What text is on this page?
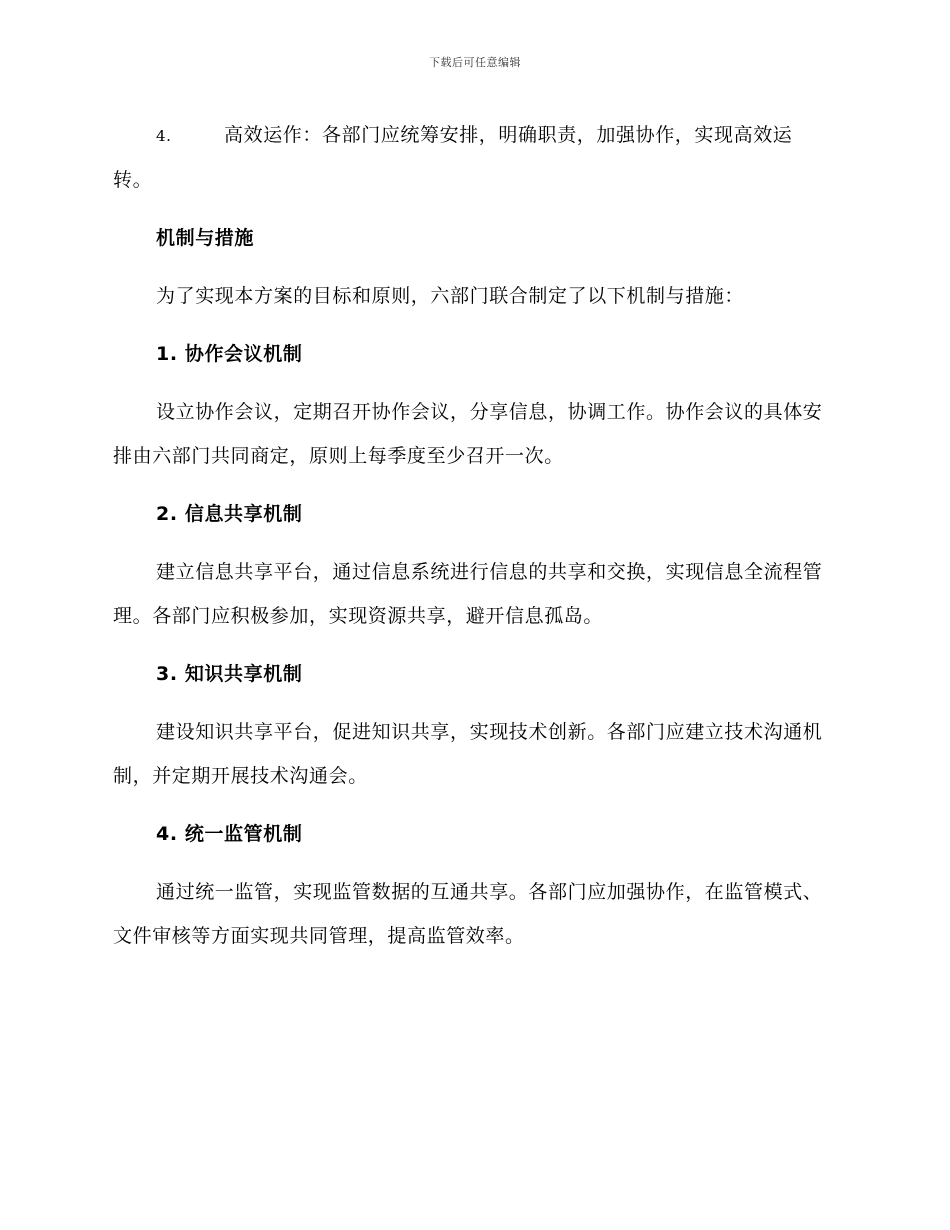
下载后可任意编辑

4.	高效运作：各部门应统筹安排，明确职责，加强协作，实现高效运转。

机制与措施

为了实现本方案的目标和原则，六部门联合制定了以下机制与措施：

1. 协作会议机制

设立协作会议，定期召开协作会议，分享信息，协调工作。协作会议的具体安排由六部门共同商定，原则上每季度至少召开一次。

2. 信息共享机制

建立信息共享平台，通过信息系统进行信息的共享和交换，实现信息全流程管理。各部门应积极参加，实现资源共享，避开信息孤岛。

3. 知识共享机制

建设知识共享平台，促进知识共享，实现技术创新。各部门应建立技术沟通机制，并定期开展技术沟通会。

4. 统一监管机制

通过统一监管，实现监管数据的互通共享。各部门应加强协作，在监管模式、文件审核等方面实现共同管理，提高监管效率。
